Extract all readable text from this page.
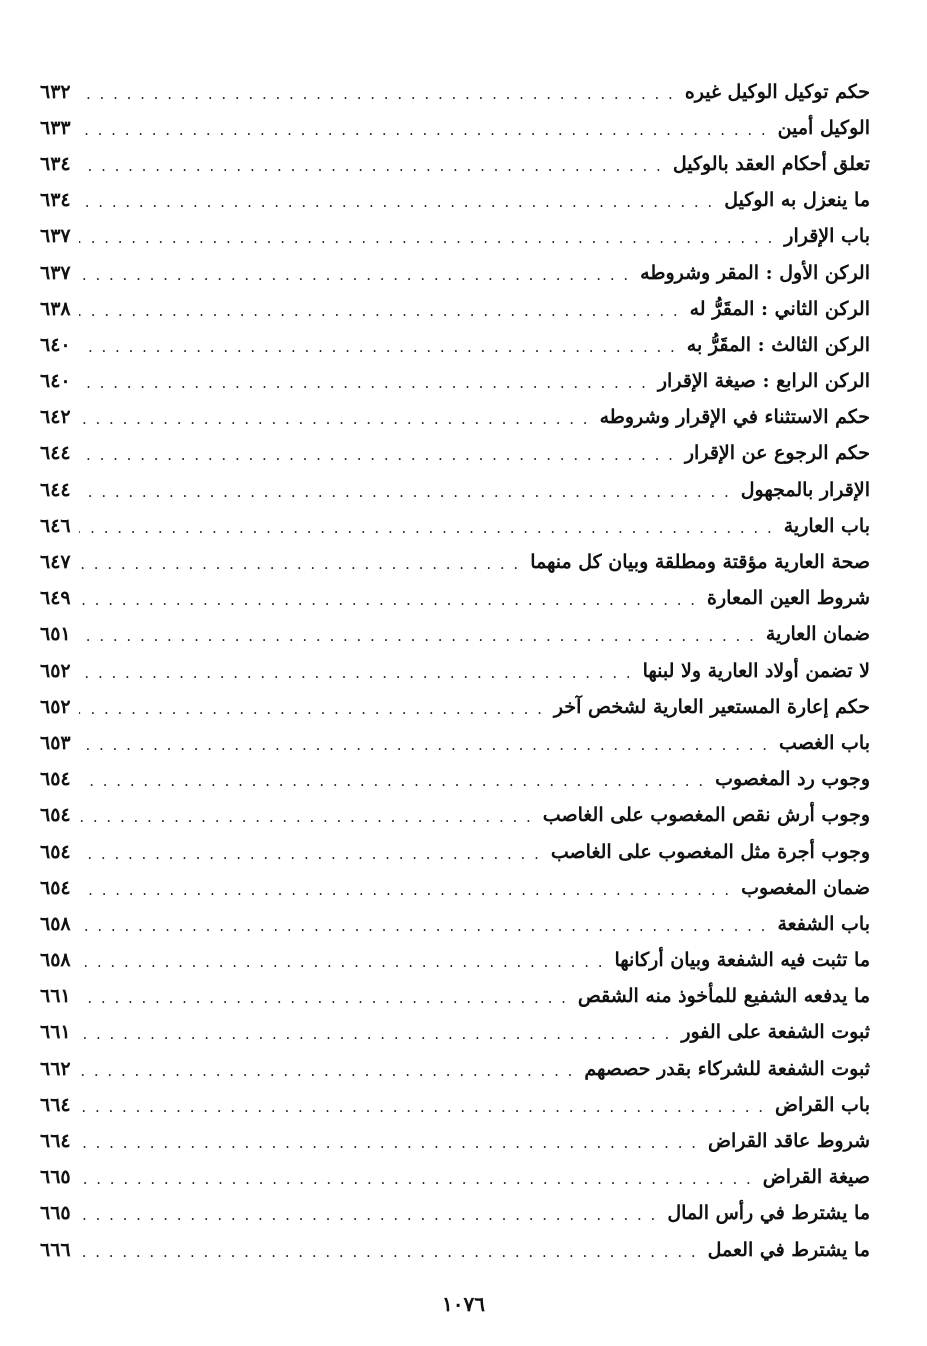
حكم توكيل الوكيل غيره
. . .
٦٣٢
الوكيل أمين
. . .
٦٣٣
تعلق أحكام العقد بالوكيل
. . .
٦٣٤
ما ينعزل به الوكيل
. . .
٦٣٤
باب الإقرار
. . .
٦٣٧
الركن الأول : المقر وشروطه
. . .
٦٣٧
الركن الثاني : المقَرُّ له
. . .
٦٣٨
الركن الثالث : المقَرُّ به
. . .
٦٤٠
الركن الرابع : صيغة الإقرار
. . .
٦٤٠
حكم الاستثناء في الإقرار وشروطه
. . .
٦٤٢
حكم الرجوع عن الإقرار
. . .
٦٤٤
الإقرار بالمجهول
. . .
٦٤٤
باب العارية
. . .
٦٤٦
صحة العارية مؤقتة ومطلقة وبيان كل منهما
. . .
٦٤٧
شروط العين المعارة
. . .
٦٤٩
ضمان العارية
. . .
٦٥١
لا تضمن أولاد العارية ولا لبنها
. . .
٦٥٢
حكم إعارة المستعير العارية لشخص آخر
. . .
٦٥٢
باب الغصب
. . .
٦٥٣
وجوب رد المغصوب
. . .
٦٥٤
وجوب أرش نقص المغصوب على الغاصب
. . .
٦٥٤
وجوب أجرة مثل المغصوب على الغاصب
. . .
٦٥٤
ضمان المغصوب
. . .
٦٥٤
باب الشفعة
. . .
٦٥٨
ما تثبت فيه الشفعة وبيان أركانها
. . .
٦٥٨
ما يدفعه الشفيع للمأخوذ منه الشقص
. . .
٦٦١
ثبوت الشفعة على الفور
. . .
٦٦١
ثبوت الشفعة للشركاء بقدر حصصهم
. . .
٦٦٢
باب القراض
. . .
٦٦٤
شروط عاقد القراض
. . .
٦٦٤
صيغة القراض
. . .
٦٦٥
ما يشترط في رأس المال
. . .
٦٦٥
ما يشترط في العمل
. . .
٦٦٦
١٠٧٦
